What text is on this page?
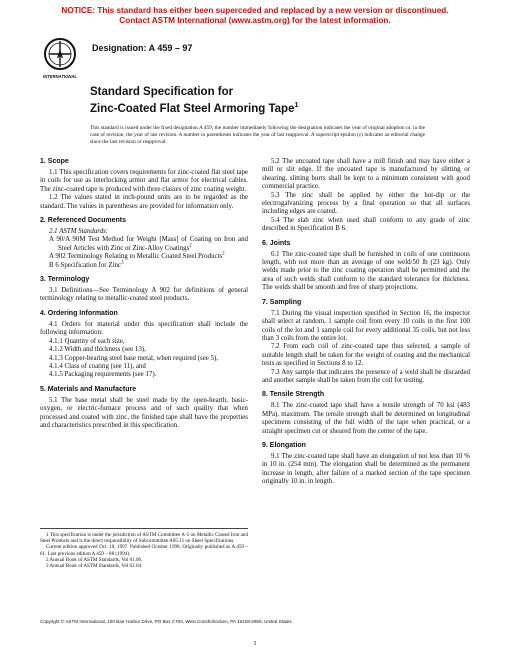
NOTICE: This standard has either been superceded and replaced by a new version or discontinued.
Contact ASTM International (www.astm.org) for the latest information.
A
INTERNATIONAL
Designation: A 459 – 97
Standard Specification for
Zinc-Coated Flat Steel Armoring Tape$^1$
This standard is issued under the fixed designation A 459; the number immediately following the designation indicates the year of original adoption or, in the case of revision, the year of last revision. A number in parentheses indicates the year of last reapproval. A superscript epsilon (ε) indicates an editorial change since the last revision or reapproval.
1. Scope

1.1 This specification covers requirements for zinc-coated flat steel tape in coils for use as interlocking armor and flat armor for electrical cables. The zinc-coated tape is produced with three classes of zinc coating weight.

1.2 The values stated in inch-pound units are to be regarded as the standard. The values in parentheses are provided for information only.

2. Referenced Documents

2.1 ASTM Standards:

A 90/A 90M Test Method for Weight [Mass] of Coating on Iron and Steel Articles with Zinc or Zinc-Alloy Coatings$^2$

A 902 Terminology Relating to Metallic Coated Steel Products$^2$

B 6 Specification for Zinc$^3$

3. Terminology

3.1 Definitions—See Terminology A 902 for definitions of general terminology relating to metallic-coated steel products.

4. Ordering Information

4.1 Orders for material under this specification shall include the following information:

4.1.1 Quantity of each size,

4.1.2 Width and thickness (see 13),

4.1.3 Copper-bearing steel base metal, when required (see 5),

4.1.4 Class of coating (see 11), and

4.1.5 Packaging requirements (see 17).

5. Materials and Manufacture

5.1 The base metal shall be steel made by the open-hearth, basic-oxygen, or electric-furnace process and of such quality that when processed and coated with zinc, the finished tape shall have the properties and characteristics prescribed in this specification.

1 This specification is under the jurisdiction of ASTM Committee A-5 on Metallic Coated Iron and Steel Products and is the direct responsibility of Subcommittee A05.11 on Sheet Specifications.

Current edition approved Oct. 10, 1997. Published October 1998. Originally published as A 459 – 61. Last previous edition A 459 – 88 (1994).

2 Annual Book of ASTM Standards, Vol 01.06.

3 Annual Book of ASTM Standards, Vol 02.04.

5.2 The uncoated tape shall have a mill finish and may have either a mill or slit edge. If the uncoated tape is manufactured by slitting or shearing, slitting burrs shall be kept to a minimum consistent with good commercial practice.

5.3 The zinc shall be applied by either the hot-dip or the electrogalvanizing process by a final operation so that all surfaces including edges are coated.

5.4 The slab zinc when used shall conform to any grade of zinc described in Specification B 6.

6. Joints

6.1 The zinc-coated tape shall be furnished in coils of one continuous length, with not more than an average of one weld/50 lb (23 kg). Only welds made prior to the zinc coating operation shall be permitted and the area of such welds shall conform to the standard tolerance for thickness. The welds shall be smooth and free of sharp projections.

7. Sampling

7.1 During the visual inspection specified in Section 16, the inspector shall select at random, 1 sample coil from every 10 coils in the first 100 coils of the lot and 1 sample coil for every additional 35 coils, but not less than 3 coils from the entire lot.

7.2 From each coil of zinc-coated tape thus selected, a sample of suitable length shall be taken for the weight of coating and the mechanical tests as specified in Sections 8 to 12.

7.3 Any sample that indicates the presence of a weld shall be discarded and another sample shall be taken from the coil for testing.

8. Tensile Strength

8.1 The zinc-coated tape shall have a tensile strength of 70 ksi (483 MPa), maximum. The tensile strength shall be determined on longitudinal specimens consisting of the full width of the tape when practical, or a straight specimen cut or sheared from the center of the tape.

9. Elongation

9.1 The zinc-coated tape shall have an elongation of not less than 10 % in 10 in. (254 mm). The elongation shall be determined as the permanent increase in length, after failure of a marked section of the tape specimen originally 10 in. in length.

Copyright © ASTM International, 100 Barr Harbor Drive, PO Box C700, West Conshohocken, PA 19428-2959, United States.
1
